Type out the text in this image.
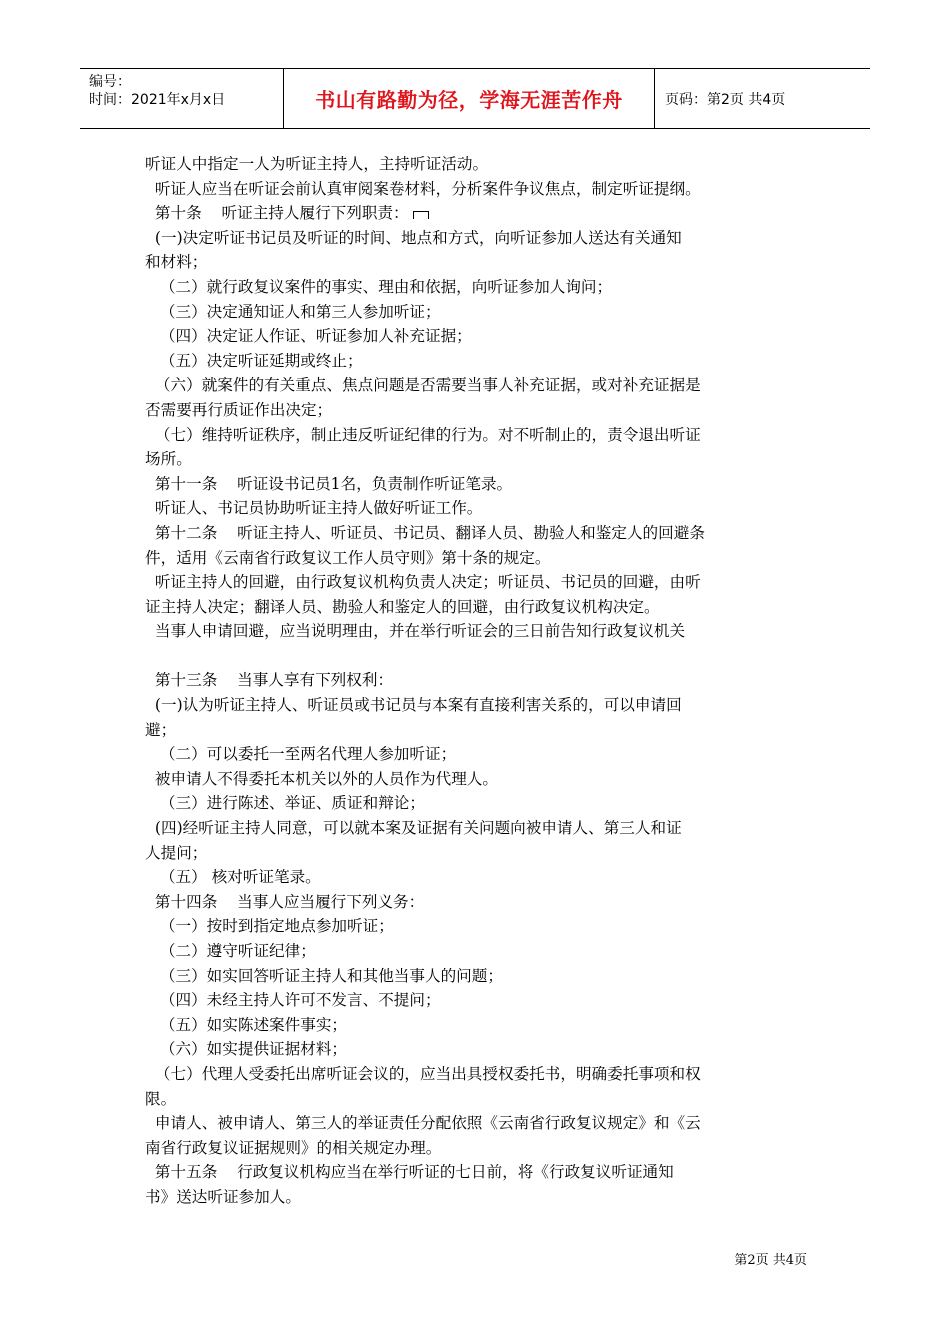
编号：
时间：2021年x月x日	书山有路勤为径，学海无涯苦作舟	页码：第2页 共4页

听证人中指定一人为听证主持人，主持听证活动。

听证人应当在听证会前认真审阅案卷材料，分析案件争议焦点，制定听证提纲。

第十条    听证主持人履行下列职责：

(一)决定听证书记员及听证的时间、地点和方式，向听证参加人送达有关通知

和材料；

（二）就行政复议案件的事实、理由和依据，向听证参加人询问；

（三）决定通知证人和第三人参加听证；

（四）决定证人作证、听证参加人补充证据；

（五）决定听证延期或终止；

（六）就案件的有关重点、焦点问题是否需要当事人补充证据，或对补充证据是

否需要再行质证作出决定；

（七）维持听证秩序，制止违反听证纪律的行为。对不听制止的，责令退出听证

场所。

第十一条    听证设书记员1名，负责制作听证笔录。

听证人、书记员协助听证主持人做好听证工作。

第十二条    听证主持人、听证员、书记员、翻译人员、勘验人和鉴定人的回避条

件，适用《云南省行政复议工作人员守则》第十条的规定。

听证主持人的回避，由行政复议机构负责人决定；听证员、书记员的回避，由听

证主持人决定；翻译人员、勘验人和鉴定人的回避，由行政复议机构决定。

当事人申请回避，应当说明理由，并在举行听证会的三日前告知行政复议机关

第十三条    当事人享有下列权利：

(一)认为听证主持人、听证员或书记员与本案有直接利害关系的，可以申请回

避；

（二）可以委托一至两名代理人参加听证；

被申请人不得委托本机关以外的人员作为代理人。

（三）进行陈述、举证、质证和辩论；

(四)经听证主持人同意，可以就本案及证据有关问题向被申请人、第三人和证

人提问；

（五） 核对听证笔录。

第十四条    当事人应当履行下列义务：

（一）按时到指定地点参加听证；

（二）遵守听证纪律；

（三）如实回答听证主持人和其他当事人的问题；

（四）未经主持人许可不发言、不提问；

（五）如实陈述案件事实；

（六）如实提供证据材料；

（七）代理人受委托出席听证会议的，应当出具授权委托书，明确委托事项和权

限。

申请人、被申请人、第三人的举证责任分配依照《云南省行政复议规定》和《云

南省行政复议证据规则》的相关规定办理。

第十五条    行政复议机构应当在举行听证的七日前，将《行政复议听证通知

书》送达听证参加人。

第2页 共4页
